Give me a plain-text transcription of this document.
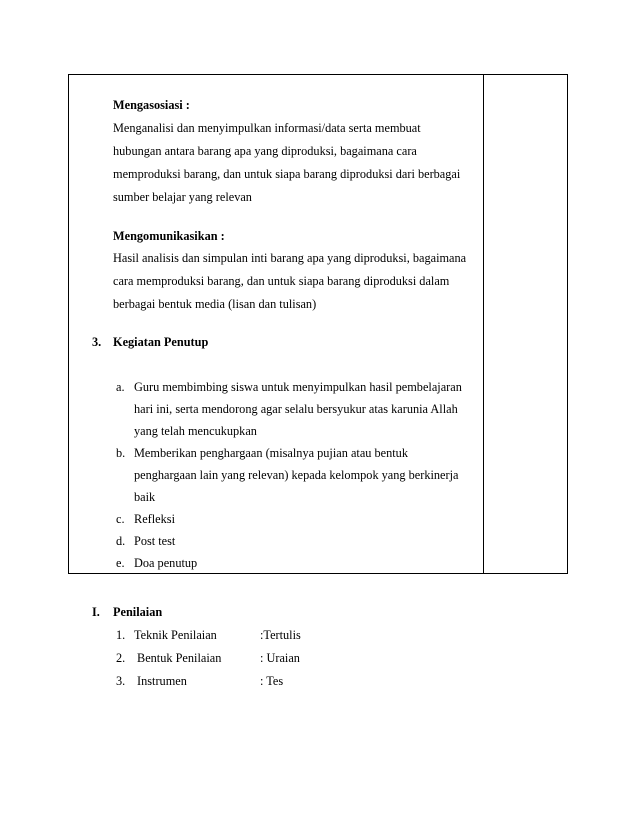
Mengasosiasi :
Menganalisi dan menyimpulkan informasi/data serta membuat
hubungan antara barang apa yang diproduksi, bagaimana cara
memproduksi barang, dan untuk siapa barang diproduksi dari berbagai
sumber belajar yang relevan
Mengomunikasikan :
Hasil analisis dan simpulan inti barang apa yang diproduksi, bagaimana
cara memproduksi barang, dan untuk siapa barang diproduksi dalam
berbagai bentuk media (lisan dan tulisan)
3. Kegiatan Penutup
a. Guru membimbing siswa untuk menyimpulkan hasil pembelajaran
hari ini, serta mendorong agar selalu bersyukur atas karunia Allah
yang telah mencukupkan
b. Memberikan penghargaan (misalnya pujian atau bentuk
penghargaan lain yang relevan) kepada kelompok yang berkinerja
baik
c. Refleksi
d. Post test
e. Doa penutup
I. Penilaian
1. Teknik Penilaian	:Tertulis
2. Bentuk Penilaian	: Uraian
3. Instrumen	: Tes
